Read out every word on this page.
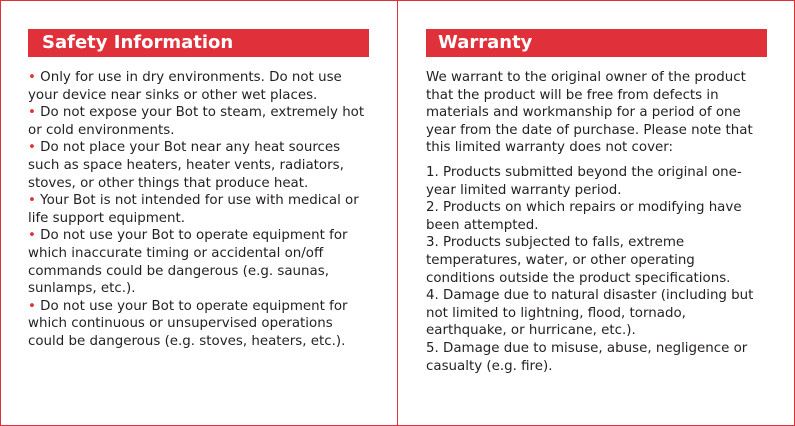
Safety Information

• Only for use in dry environments. Do not use your device near sinks or other wet places.

• Do not expose your Bot to steam, extremely hot or cold environments.

• Do not place your Bot near any heat sources such as space heaters, heater vents, radiators, stoves, or other things that produce heat.

• Your Bot is not intended for use with medical or life support equipment.

• Do not use your Bot to operate equipment for which inaccurate timing or accidental on/off commands could be dangerous (e.g. saunas, sunlamps, etc.).

• Do not use your Bot to operate equipment for which continuous or unsupervised operations could be dangerous (e.g. stoves, heaters, etc.).

Warranty

We warrant to the original owner of the product that the product will be free from defects in materials and workmanship for a period of one year from the date of purchase. Please note that this limited warranty does not cover:

1. Products submitted beyond the original one-year limited warranty period.

2. Products on which repairs or modifying have been attempted.

3. Products subjected to falls, extreme temperatures, water, or other operating conditions outside the product specifications.

4. Damage due to natural disaster (including but not limited to lightning, flood, tornado, earthquake, or hurricane, etc.).

5. Damage due to misuse, abuse, negligence or casualty (e.g. fire).
